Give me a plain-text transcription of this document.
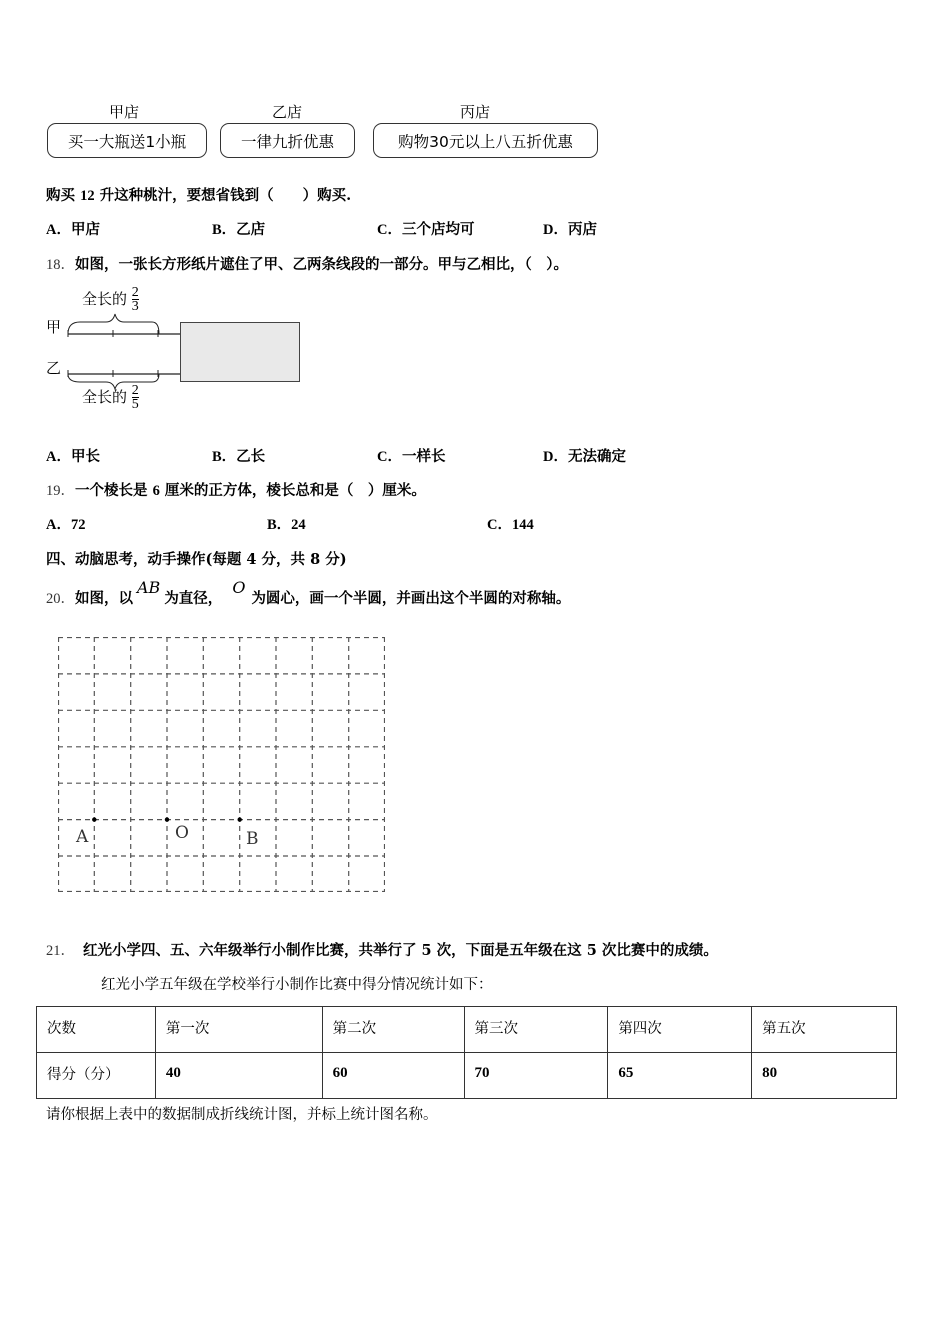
甲店	乙店	丙店
买一大瓶送1小瓶	一律九折优惠	购物30元以上八五折优惠
购买 12 升这种桃汁，要想省钱到（　　）购买.
A．甲店	B．乙店	C．三个店均可	D．丙店
18．如图，一张长方形纸片遮住了甲、乙两条线段的一部分。甲与乙相比，（　）。
全长的 $\frac{2}{3}$
甲
乙
全长的 $\frac{2}{5}$
A．甲长	B．乙长	C．一样长	D．无法确定
19．一个棱长是 6 厘米的正方体，棱长总和是（　）厘米。
A．72	B．24	C．144
四、动脑思考，动手操作(每题 4 分，共 8 分)
20．如图，以AB为直径，O为圆心，画一个半圆，并画出这个半圆的对称轴。
A	O	B
21． 红光小学四、五、六年级举行小制作比赛，共举行了 5 次，下面是五年级在这 5 次比赛中的成绩。
红光小学五年级在学校举行小制作比赛中得分情况统计如下：
次数	第一次	第二次	第三次	第四次	第五次
得分（分）	40	60	70	65	80
请你根据上表中的数据制成折线统计图，并标上统计图名称。
